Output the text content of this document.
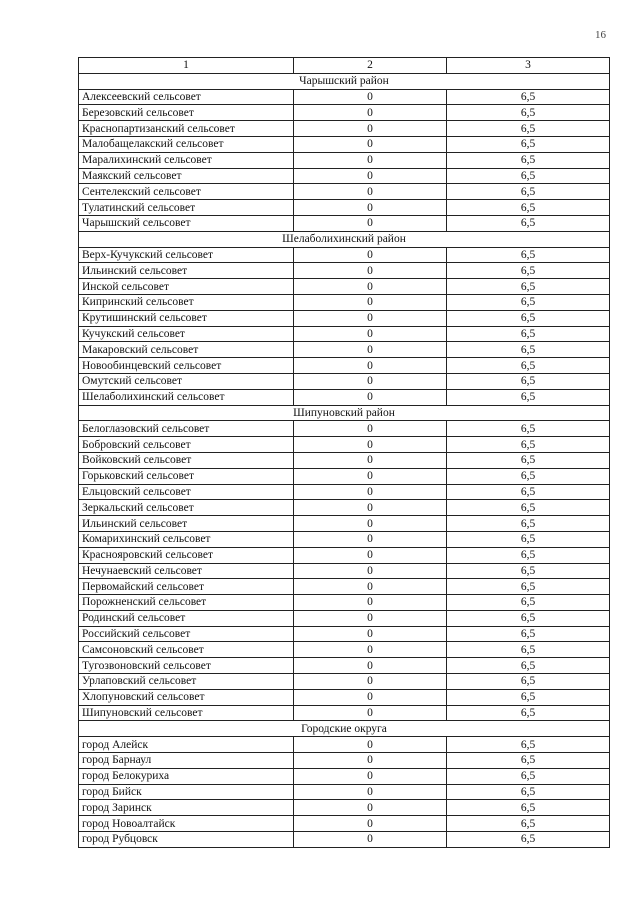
16
1	2	3
Чарышский район		
Алексеевский сельсовет	0	6,5
Березовский сельсовет	0	6,5
Краснопартизанский сельсовет	0	6,5
Малобащелакский сельсовет	0	6,5
Маралихинский сельсовет	0	6,5
Маякский сельсовет	0	6,5
Сентелекский сельсовет	0	6,5
Тулатинский сельсовет	0	6,5
Чарышский сельсовет	0	6,5
Шелаболихинский район		
Верх-Кучукский сельсовет	0	6,5
Ильинский сельсовет	0	6,5
Инской сельсовет	0	6,5
Кипринский сельсовет	0	6,5
Крутишинский сельсовет	0	6,5
Кучукский сельсовет	0	6,5
Макаровский сельсовет	0	6,5
Новообинцевский сельсовет	0	6,5
Омутский сельсовет	0	6,5
Шелаболихинский сельсовет	0	6,5
Шипуновский район		
Белоглазовский сельсовет	0	6,5
Бобровский сельсовет	0	6,5
Войковский сельсовет	0	6,5
Горьковский сельсовет	0	6,5
Ельцовский сельсовет	0	6,5
Зеркальский сельсовет	0	6,5
Ильинский сельсовет	0	6,5
Комарихинский сельсовет	0	6,5
Краснояровский сельсовет	0	6,5
Нечунаевский сельсовет	0	6,5
Первомайский сельсовет	0	6,5
Порожненский сельсовет	0	6,5
Родинский сельсовет	0	6,5
Российский сельсовет	0	6,5
Самсоновский сельсовет	0	6,5
Тугозвоновский сельсовет	0	6,5
Урлаповский сельсовет	0	6,5
Хлопуновский сельсовет	0	6,5
Шипуновский сельсовет	0	6,5
Городские округа		
город Алейск	0	6,5
город Барнаул	0	6,5
город Белокуриха	0	6,5
город Бийск	0	6,5
город Заринск	0	6,5
город Новоалтайск	0	6,5
город Рубцовск	0	6,5
